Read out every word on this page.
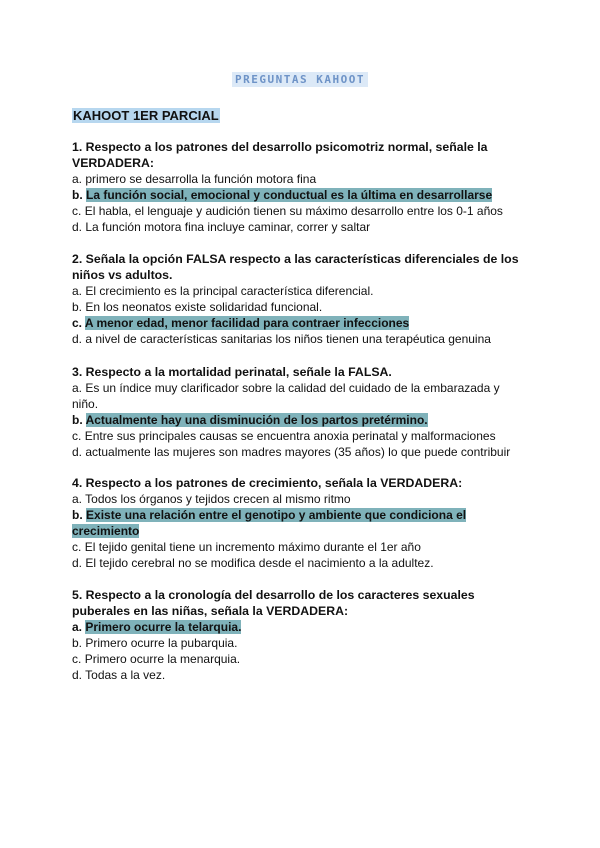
PREGUNTAS KAHOOT
KAHOOT 1ER PARCIAL
1. Respecto a los patrones del desarrollo psicomotriz normal, señale la VERDADERA:
a. primero se desarrolla la función motora fina
b. La función social, emocional y conductual es la última en desarrollarse
c. El habla, el lenguaje y audición tienen su máximo desarrollo entre los 0-1 años
d. La función motora fina incluye caminar, correr y saltar
2. Señala la opción FALSA respecto a las características diferenciales de los niños vs adultos.
a. El crecimiento es la principal característica diferencial.
b. En los neonatos existe solidaridad funcional.
c. A menor edad, menor facilidad para contraer infecciones
d. a nivel de características sanitarias los niños tienen una terapéutica genuina
3. Respecto a la mortalidad perinatal, señale la FALSA.
a. Es un índice muy clarificador sobre la calidad del cuidado de la embarazada y niño.
b. Actualmente hay una disminución de los partos pretérmino.
c. Entre sus principales causas se encuentra anoxia perinatal y malformaciones
d. actualmente las mujeres son madres mayores (35 años) lo que puede contribuir
4. Respecto a los patrones de crecimiento, señala la VERDADERA:
a. Todos los órganos y tejidos crecen al mismo ritmo
b. Existe una relación entre el genotipo y ambiente que condiciona el crecimiento
c. El tejido genital tiene un incremento máximo durante el 1er año
d. El tejido cerebral no se modifica desde el nacimiento a la adultez.
5. Respecto a la cronología del desarrollo de los caracteres sexuales puberales en las niñas, señala la VERDADERA:
a. Primero ocurre la telarquia.
b. Primero ocurre la pubarquia.
c. Primero ocurre la menarquia.
d. Todas a la vez.
